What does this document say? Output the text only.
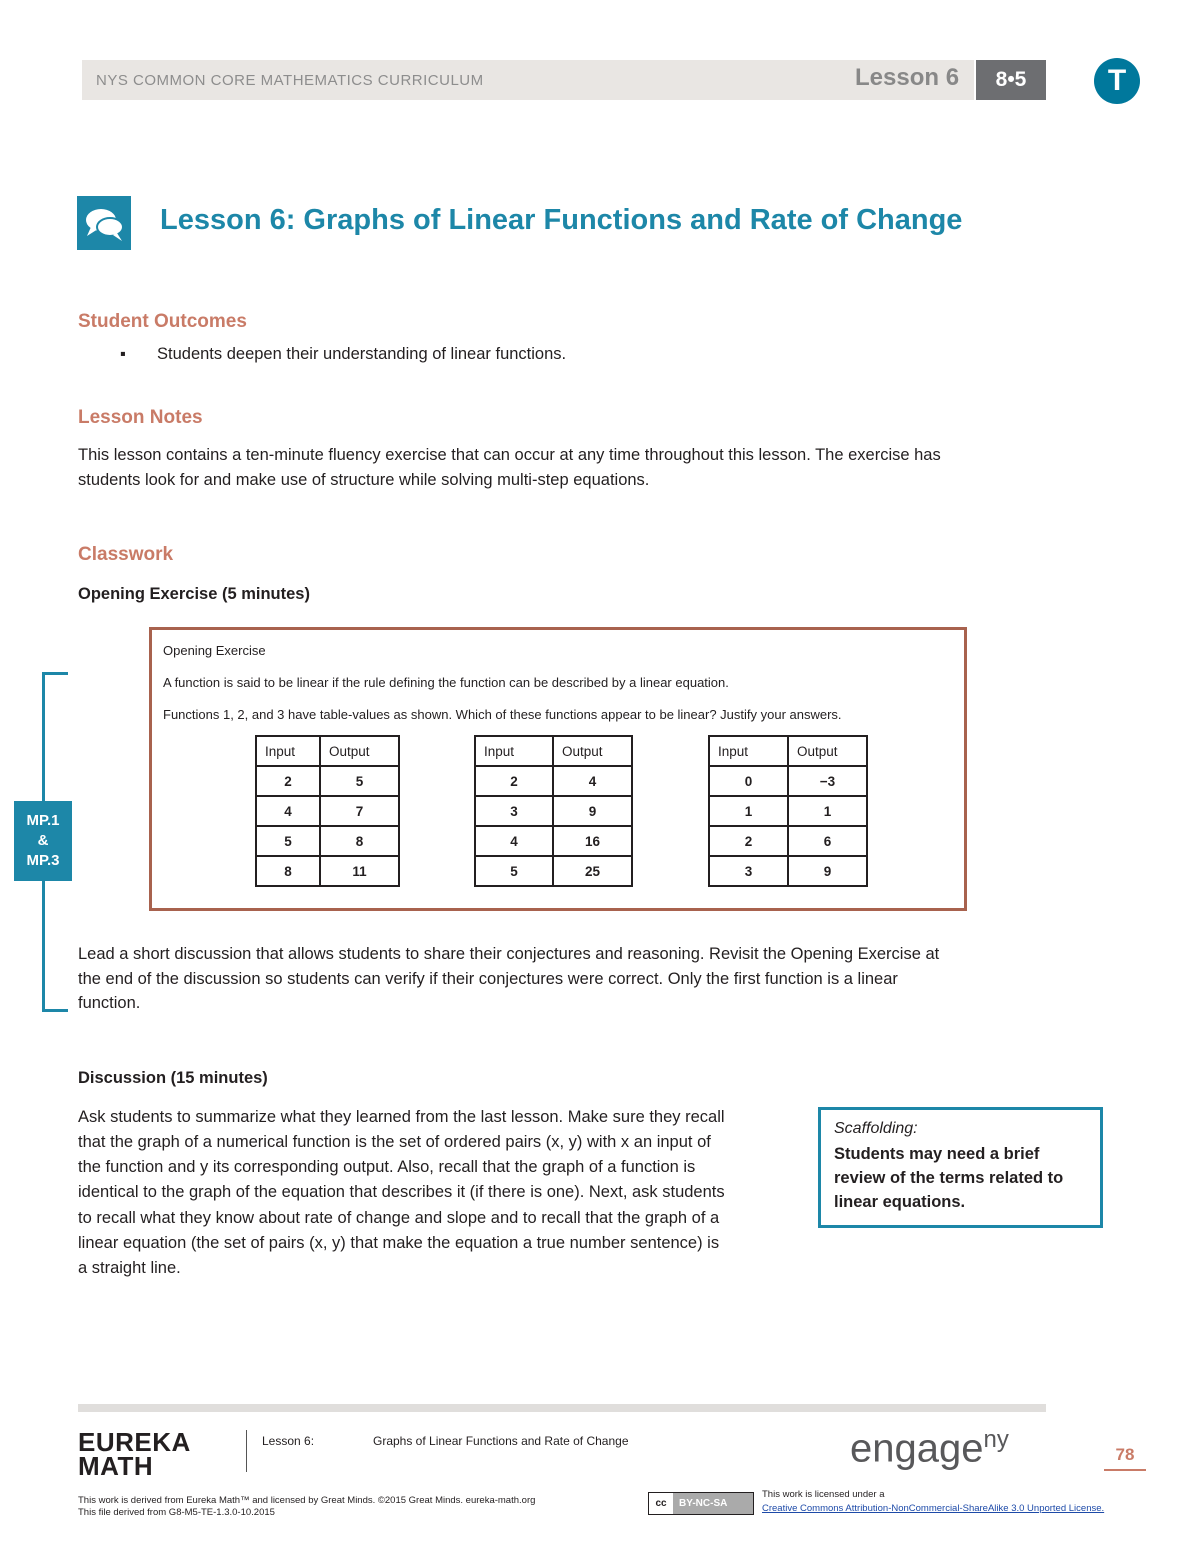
NYS COMMON CORE MATHEMATICS CURRICULUM	Lesson 6	8•5	T
Lesson 6: Graphs of Linear Functions and Rate of Change
Student Outcomes
▪ Students deepen their understanding of linear functions.
Lesson Notes
This lesson contains a ten-minute fluency exercise that can occur at any time throughout this lesson. The exercise has
students look for and make use of structure while solving multi-step equations.
Classwork
Opening Exercise (5 minutes)
Opening Exercise
A function is said to be linear if the rule defining the function can be described by a linear equation.
Functions 1, 2, and 3 have table-values as shown. Which of these functions appear to be linear? Justify your answers.
Input	Output
2	5
4	7
5	8
8	11
Input	Output
2	4
3	9
4	16
5	25
Input	Output
0	−3
1	1
2	6
3	9
MP.1
&
MP.3
Lead a short discussion that allows students to share their conjectures and reasoning. Revisit the Opening Exercise at
the end of the discussion so students can verify if their conjectures were correct. Only the first function is a linear
function.
Discussion (15 minutes)
Ask students to summarize what they learned from the last lesson. Make sure they recall
that the graph of a numerical function is the set of ordered pairs (x, y) with x an input of
the function and y its corresponding output. Also, recall that the graph of a function is
identical to the graph of the equation that describes it (if there is one). Next, ask students
to recall what they know about rate of change and slope and to recall that the graph of a
linear equation (the set of pairs (x, y) that make the equation a true number sentence) is
a straight line.
Scaffolding:
Students may need a brief
review of the terms related to
linear equations.
EUREKA
MATH
Lesson 6:	Graphs of Linear Functions and Rate of Change	engage$^{ny}$
78
This work is derived from Eureka Math™ and licensed by Great Minds. ©2015 Great Minds. eureka-math.org
This file derived from G8-M5-TE-1.3.0-10.2015
cc BY-NC-SA
This work is licensed under a
Creative Commons Attribution-NonCommercial-ShareAlike 3.0 Unported License.
